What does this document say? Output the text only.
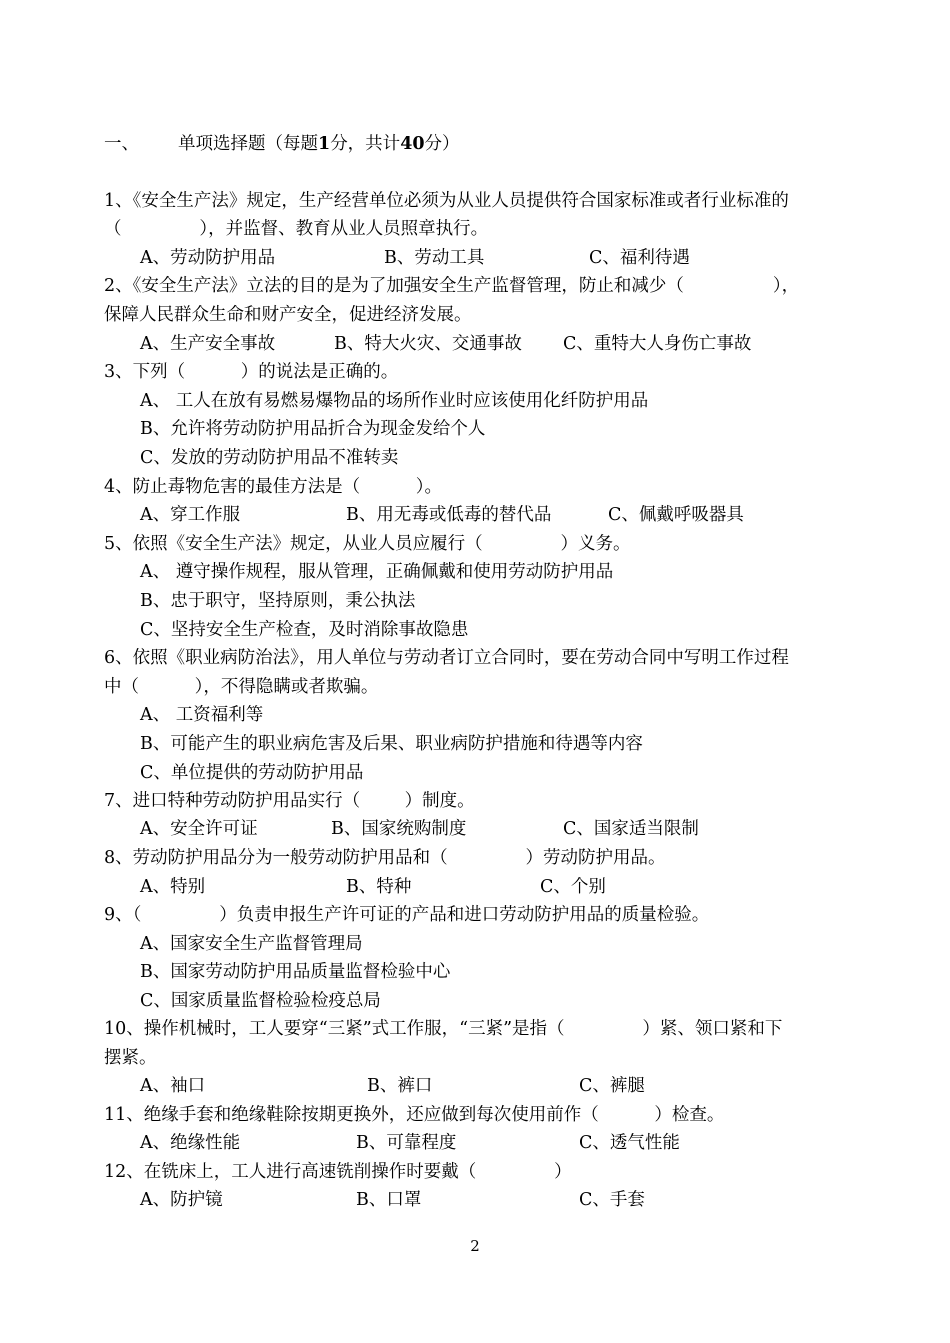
一、 单项选择题（每题1分，共计40分）
1、《安全生产法》规定，生产经营单位必须为从业人员提供符合国家标准或者行业标准的
（              ），并监督、教育从业人员照章执行。
A、劳动防护用品	B、劳动工具	C、福利待遇
2、《安全生产法》立法的目的是为了加强安全生产监督管理，防止和减少（                ），
保障人民群众生命和财产安全，促进经济发展。
A、生产安全事故	B、特大火灾、交通事故 C、重特大人身伤亡事故
3、下列（          ）的说法是正确的。
A、 工人在放有易燃易爆物品的场所作业时应该使用化纤防护用品
B、允许将劳动防护用品折合为现金发给个人
C、发放的劳动防护用品不准转卖
4、防止毒物危害的最佳方法是（          ）。
A、穿工作服	B、用无毒或低毒的替代品	C、佩戴呼吸器具
5、依照《安全生产法》规定，从业人员应履行（              ）义务。
A、 遵守操作规程，服从管理，正确佩戴和使用劳动防护用品
B、忠于职守，坚持原则，秉公执法
C、坚持安全生产检查，及时消除事故隐患
6、依照《职业病防治法》，用人单位与劳动者订立合同时，要在劳动合同中写明工作过程
中（          ），不得隐瞒或者欺骗。
A、 工资福利等
B、可能产生的职业病危害及后果、职业病防护措施和待遇等内容
C、单位提供的劳动防护用品
7、进口特种劳动防护用品实行（        ）制度。
A、安全许可证	B、国家统购制度	C、国家适当限制
8、劳动防护用品分为一般劳动防护用品和（              ）劳动防护用品。
A、特别	B、特种	C、个别
9、（              ）负责申报生产许可证的产品和进口劳动防护用品的质量检验。
A、国家安全生产监督管理局
B、国家劳动防护用品质量监督检验中心
C、国家质量监督检验检疫总局
10、操作机械时，工人要穿“三紧”式工作服，“三紧”是指（              ）紧、领口紧和下
摆紧。
A、袖口	B、裤口	C、裤腿
11、绝缘手套和绝缘鞋除按期更换外，还应做到每次使用前作（          ）检查。
A、绝缘性能	B、可靠程度	C、透气性能
12、在铣床上，工人进行高速铣削操作时要戴（              ）
A、防护镜	B、口罩	C、手套
2
